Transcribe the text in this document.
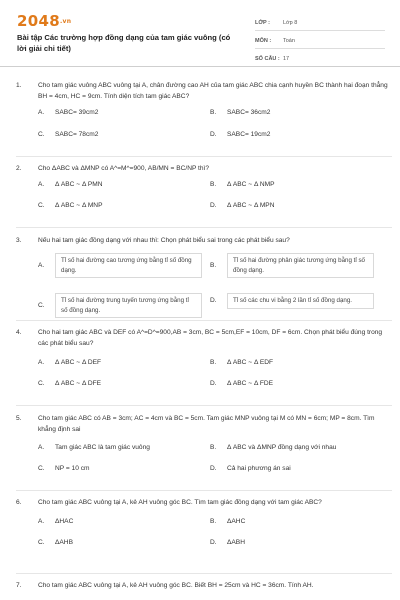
2048.vn
Bài tập Các trường hợp đồng dạng của tam giác vuông (có lời giải chi tiết)
LỚP :	Lớp 8
MÔN :	Toán
SỐ CÂU : 17
1.	Cho tam giác vuông ABC vuông tại A, chân đường cao AH của tam giác ABC chia cạnh huyền BC thành hai đoạn thẳng BH = 4cm, HC = 9cm. Tính diện tích tam giác ABC?
A.	SABC= 39cm2	B.	SABC= 36cm2
C.	SABC= 78cm2	D.	SABC= 19cm2
2.	Cho ΔABC và ΔMNP có A^=M^=900, AB/MN = BC/NP thì?
A.	Δ ABC ~ Δ PMN	B.	Δ ABC ~ Δ NMP
C.	Δ ABC ~ Δ MNP	D.	Δ ABC ~ Δ MPN
3.	Nếu hai tam giác đồng dạng với nhau thì: Chọn phát biểu sai trong các phát biểu sau?
A.
Tỉ số hai đường cao tương ứng bằng tỉ số đồng dạng.
B.
Tỉ số hai đường phân giác tương ứng bằng tỉ số đồng dạng.
C.
Tỉ số hai đường trung tuyến tương ứng bằng tỉ số đồng dạng.
D.	Tỉ số các chu vi bằng 2 lần tỉ số đồng dạng.
4.	Cho hai tam giác ABC và DEF có A^=D^=900,AB = 3cm, BC = 5cm,EF = 10cm, DF = 6cm. Chọn phát biểu đúng trong các phát biểu sau?
A.	Δ ABC ~ Δ DEF	B.	Δ ABC ~ Δ EDF
C.	Δ ABC ~ Δ DFE	D.	Δ ABC ~ Δ FDE
5.	Cho tam giác ABC có AB = 3cm; AC = 4cm và BC = 5cm. Tam giác MNP vuông tại M có MN = 6cm; MP = 8cm. Tìm khẳng định sai
A.	Tam giác ABC là tam giác vuông	B.	Δ ABC và ΔMNP đồng dạng với nhau
C.	NP = 10 cm	D.	Cả hai phương án sai
6.	Cho tam giác ABC vuông tại A, kẻ AH vuông góc BC. Tìm tam giác đồng dạng với tam giác ABC?
A.	ΔHAC	B.	ΔAHC
C.	ΔAHB	D.	ΔABH
7.	Cho tam giác ABC vuông tại A, kẻ AH vuông góc BC. Biết BH = 25cm và HC = 36cm. Tính AH.
